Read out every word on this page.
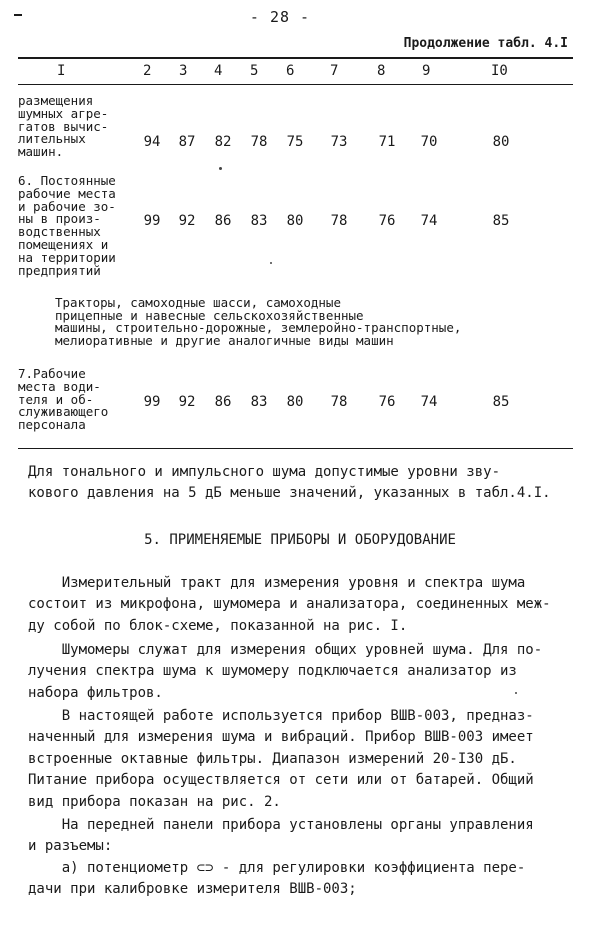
- 28 -
Продолжение табл. 4.I
I	2 3 4 5 6	7	8	9	I0
размещения
шумных агре-
гатов вычис-
лительных
машин.
94	87	82	78	75	73	71	70	80
6. Постоянные
рабочие места
и рабочие зо-
ны в произ-
водственных
помещениях и
на территории
предприятий
99	92	86	83	80	78	76	74	85
Тракторы, самоходные шасси, самоходные
прицепные и навесные сельскохозяйственные
машины, строительно-дорожные, землеройно-транспортные,
мелиоративные и другие аналогичные виды машин
7.Рабочие
места води-
теля и об-
служивающего
персонала
99	92	86	83	80	78	76	74	85
Для тонального и импульсного шума допустимые уровни зву-
кового давления на 5 дБ меньше значений, указанных в табл.4.I.
5. ПРИМЕНЯЕМЫЕ ПРИБОРЫ И ОБОРУДОВАНИЕ
Измерительный тракт для измерения уровня и спектра шума
состоит из микрофона, шумомера и анализатора, соединенных меж-
ду собой по блок-схеме, показанной на рис. I.
Шумомеры служат для измерения общих уровней шума. Для по-
лучения спектра шума к шумомеру подключается анализатор из
набора фильтров.
В настоящей работе используется прибор ВШВ-003, предназ-
наченный для измерения шума и вибраций. Прибор ВШВ-003 имеет
встроенные октавные фильтры. Диапазон измерений 20-I30 дБ.
Питание прибора осуществляется от сети или от батарей. Общий
вид прибора показан на рис. 2.
На передней панели прибора установлены органы управления
и разъемы:
а) потенциометр ⊂⊃ - для регулировки коэффициента пере-
дачи при калибровке измерителя ВШВ-003;
